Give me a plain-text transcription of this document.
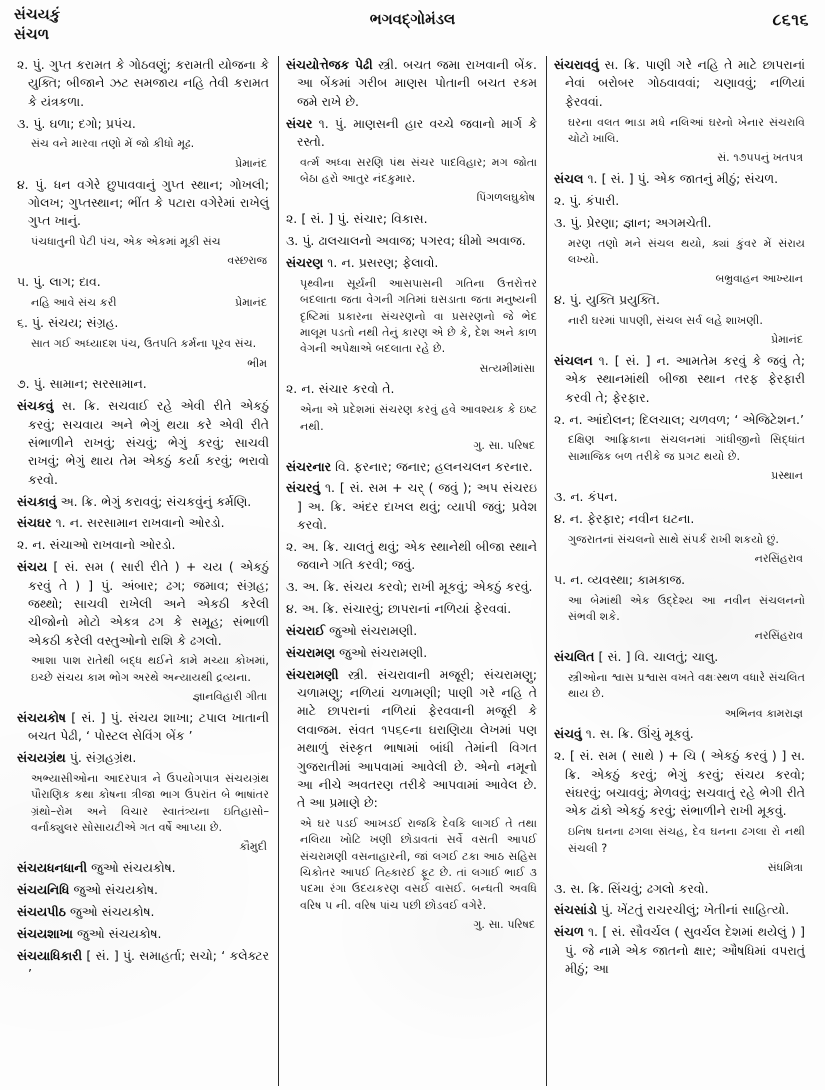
સંચયકું
સંચળ
ભગવદ્ગોમંડલ	૮૬૧૬

૨. પું. ગુપ્ત કરામત કે ગોઠવણું; કરામતી યોજના કે યુક્તિ; બીજાને ઝટ સમજાય નહિ તેવી કરામત કે યંત્રકળા.

૩. પું. ઘળા; દગો; પ્રપંચ.

સંચ વને મારવા તણો મેં જો કીધો મૂઢ.

પ્રેમાનંદ

૪. પું. ધન વગેરે છુપાવવાનું ગુપ્ત સ્થાન; ગોખલી; ગોલખ; ગુપ્તસ્થાન; ભીંત કે પટારા વગેરેમાં રાખેલું ગુપ્ત ખાનું.

પંચધાતુની પેટી પંચ, એક એકમાં મૂકી સંચ

વસ્છરાજ

૫. પું. લાગ; દાવ.

નહિ આવે સંચ કરી	પ્રેમાનંદ

૬. પું. સંચય; સંગ્રહ.

સાત ગઈ અધ્યાદશ પંચ, ઉતપતિ કર્મના પૂરવ સંચ.

ભીમ

૭. પું. સામાન; સરસામાન.

સંચકવું સ. ક્રિ. સચવાઈ રહે એવી રીતે એકઠું કરવું; સચવાય અને ભેગું થયા કરે એવી રીતે સંભાળીને રાખવું; સંચવું; ભેગું કરવું; સાચવી રાખવું; ભેગું થાય તેમ એકઠું કર્યા કરવું; ભરાવો કરવો.

સંચકાવું અ. ક્રિ. ભેગું કરાવવું; સંચકવુંનું કર્મણિ.

સંચઘર ૧. ન. સરસામાન રાખવાનો ઓરડો.

૨. ન. સંચાઓ રાખવાનો ઓરડો.

સંચય [ સં. સમ ( સારી રીતે ) + ચય ( એકઠું કરવું તે ) ] પું. અંબાર; ઢગ; જમાવ; સંગ્રહ; જથ્થો; સાચવી રાખેલી અને એકઠી કરેલી ચીજોનો મોટો એકત્ર ઢગ કે સમૂહ; સંભાળી એકઠી કરેલી વસ્તુઓનો રાશિ કે ઢગલો.

આશા પાશ રાતેથી બદ્ધ થઈને કામે મચ્યા કોખમાં, ઇચ્છે સંચય કામ ભોગ અરથે અન્યાયથી દ્રવ્યના.

જ્ઞાનવિહારી ગીતા

સંચયકોષ [ સં. ] પું. સંચય શાખા; ટપાલ ખાતાની બચત પેઢી, ‘ પોસ્ટલ સેવિંગ બેંક ’

સંચયગ્રંથ પું. સંગ્રહગ્રંથ.

અભ્યાસીઓના આદરપાત્ર ને ઉપયોગપાત્ર સંચયગ્રંથ પૌરાણિક કથા કોષના ત્રીજા ભાગ ઉપરાંત બે ભાષાંતર ગ્રંથો–રોમ અને વિચાર સ્વાતંત્ર્યના ઇતિહાસો–વર્નાક્યુલર સોસાયટીએ ગત વર્ષે આપ્યા છે.

કૌમુદી

સંચયધનધાની જુઓ સંચયકોષ.

સંચયનિધિ જુઓ સંચયકોષ.

સંચયપીઠ જુઓ સંચયકોષ.

સંચયશાખા જુઓ સંચયકોષ.

સંચયાધિકારી [ સં. ] પું. સમાહર્તા; સચો; ‘ કલેક્ટર ’

સંચયોત્તેજક પેઢી સ્ત્રી. બચત જમા રાખવાની બેંક. આ બેંકમાં ગરીબ માણસ પોતાની બચત રકમ જમે રાખે છે.

સંચર ૧. પું. માણસની હાર વચ્ચે જવાનો માર્ગ કે રસ્તો.

વર્ત્મ અધ્વા સરણિ પંથ સંચર પાદવિહાર; મગ જોતા બેઠા હરો આતુર નંદકુમાર.

પિંગળલઘુકોષ

૨. [ સં. ] પું. સંચાર; વિકાસ.

૩. પું. ઢાલચાલનો અવાજ; પગરવ; ધીમો અવાજ.

સંચરણ ૧. ન. પ્રસરણ; ફેલાવો.

પૃથ્વીના સૂર્યની આસપાસની ગતિના ઉત્તરોત્તર બદલાતા જતા વેગની ગતિમાં ઘસડાતા જતા મનુષ્યની દૃષ્ટિમાં પ્રકારના સંચરણનો વા પ્રસરણનો જે ભેદ માલૂમ પડતો નથી તેનું કારણ એ છે કે, દેશ અને કાળ વેગની અપેક્ષાએ બદલાતા રહે છે.

સત્યમીમાંસા

૨. ન. સંચાર કરવો તે.

એના એ પ્રદેશમાં સંચરણ કરવું હવે આવશ્યક કે ઇષ્ટ નથી.

ગુ. સા. પરિષદ

સંચરનાર વિ. ફરનાર; જનાર; હલનચલન કરનાર.

સંચરવું ૧. [ સં. સમ + ચર્ ( જવું ); અપ સંચરઇ ] અ. ક્રિ. અંદર દાખલ થવું; વ્યાપી જવું; પ્રવેશ કરવો.

૨. અ. ક્રિ. ચાલતું થવું; એક સ્થાનેથી બીજા સ્થાને જવાને ગતિ કરવી; જવું.

૩. અ. ક્રિ. સંચય કરવો; રાખી મૂકવું; એકઠું કરવું.

૪. અ. ક્રિ. સંચારવું; છાપરાનાં નળિયાં ફેરવવાં.

સંચરાઈ જુઓ સંચરામણી.

સંચરામણ જુઓ સંચરામણી.

સંચરામણી સ્ત્રી. સંચરાવાની મજૂરી; સંચરામણુ; ચળામણુ; નળિયાં ચળામણી; પાણી ગરે નહિ તે માટે છાપરાનાં નળિયાં ફેરવવાની મજૂરી કે લવાજમ. સંવત ૧૫૬૯ના ઘરાણિયા લેખમાં પણ મથાળું સંસ્કૃત ભાષામાં બાંધી તેમાંની વિગત ગુજરાતીમાં આપવામાં આવેલી છે. એનો નમૂનો આ નીચે અવતરણ તરીકે આપવામાં આવેલ છે. તે આ પ્રમાણે છે:

એ ઘર પડઈ આખડઈ રાજકિ દેવકિ લાગઈ તે તથા નલિયા ખોટિ ખણી છોડાવતાં સર્વે વસતી આપઈ સંચરામણી વસનાહારની, જાં લગઈ ટકા આઠ સહિસ ચિકોતર આપઈ તિહ્કારઈ ફૂટ છે. તાં લગાઈ ભાઈ ૩ પદમા રંગા ઉદયકરણ વસઈ વાસઈ. બન્ધતી અવધિ વરિષ ૫ ની. વરિષ પાંચ પછી છોડવઈ વગેરે.

ગુ. સા. પરિષદ

સંચરાવવું સ. ક્રિ. પાણી ગરે નહિ તે માટે છાપરાનાં નેવાં બરોબર ગોઠવાવવાં; ચણાવવું; નળિયાં ફેરવવાં.

ઘરના વલત ભાડા મધે નલિઆં ઘરનો ખેનાર સંચરાવિ ચોટો ખાલિ.

સં. ૧૭૫૫નું ખતપત્ર

સંચલ ૧. [ સં. ] પું. એક જાતનું મીઠું; સંચળ.

૨. પું. કંપારી.

૩. પું. પ્રેરણા; જ્ઞાન; અગમચેતી.

મરણ તણો મને સંચલ થયો, ક્યાં કુંવર મેં સંરાય લખ્યો.

બભ્રુવાહન આખ્યાન

૪. પું. યુક્તિ પ્રયુક્તિ.

નારી ઘરમાં પાપણી, સંચલ સર્વ લહે શાખણી.

પ્રેમાનંદ

સંચલન ૧. [ સં. ] ન. આમતેમ કરવું કે જવું તે; એક સ્થાનમાંથી બીજા સ્થાન તરફ ફેરફારી કરવી તે; ફેરફાર.

૨. ન. આંદોલન; દિલચાલ; ચળવળ; ‘ એજિટેશન.’

દક્ષિણ આફ્રિકાના સંચલનમાં ગાંધીજીનો સિદ્ધાંત સામાજિક બળ તરીકે જ પ્રગટ થયો છે.

પ્રસ્થાન

૩. ન. કંપન.

૪. ન. ફેરફાર; નવીન ઘટના.

ગુજરાતનાં સંચલનો સાથે સંપર્ક રાખી શકયો છું.

નરસિંહરાવ

૫. ન. વ્યવસ્થા; કામકાજ.

આ બેમાંથી એક ઉદ્દેશ્ય આ નવીન સંચલનનો સંભવી શકે.

નરસિંહરાવ

સંચલિત [ સં. ] વિ. ચાલતું; ચાલુ.

સ્ત્રીઓના શ્વાસ પ્રશ્વાસ વખતે વક્ષઃસ્થળ વધારે સંચલિત થાય છે.

અભિનવ કામરાજ્ઞ

સંચવું ૧. સ. ક્રિ. ઊંચું મૂકવું.

૨. [ સં. સમ ( સાથે ) + ચિ ( એકઠું કરવું ) ] સ. ક્રિ. એકઠું કરવું; ભેગું કરવું; સંચય કરવો; સંઘરવું; બચાવવું; મેળવવું; સચવાતું રહે ભેગી રીતે એક ઢાંકો એકઠું કરવું; સંભાળીને રાખી મૂકવું.

ઇનિષ ઘનના ઢગલા સંચહ, દેવ ઘનના ઢગલા રો નથી સંચલી ?

સંધમિત્રા

૩. સ. ક્રિ. સિંચવું; ઢગલો કરવો.

સંચસાંડો પું. ખેંટતું રાચરચીલું; ખેતીનાં સાહિત્યો.

સંચળ ૧. [ સં. સૌવર્ચલ ( સુવર્ચલ દેશમાં થયેલું ) ] પું. જે નામે એક જાતનો ક્ષાર; ઔષધિમાં વપરાતું મીઠું; આ
